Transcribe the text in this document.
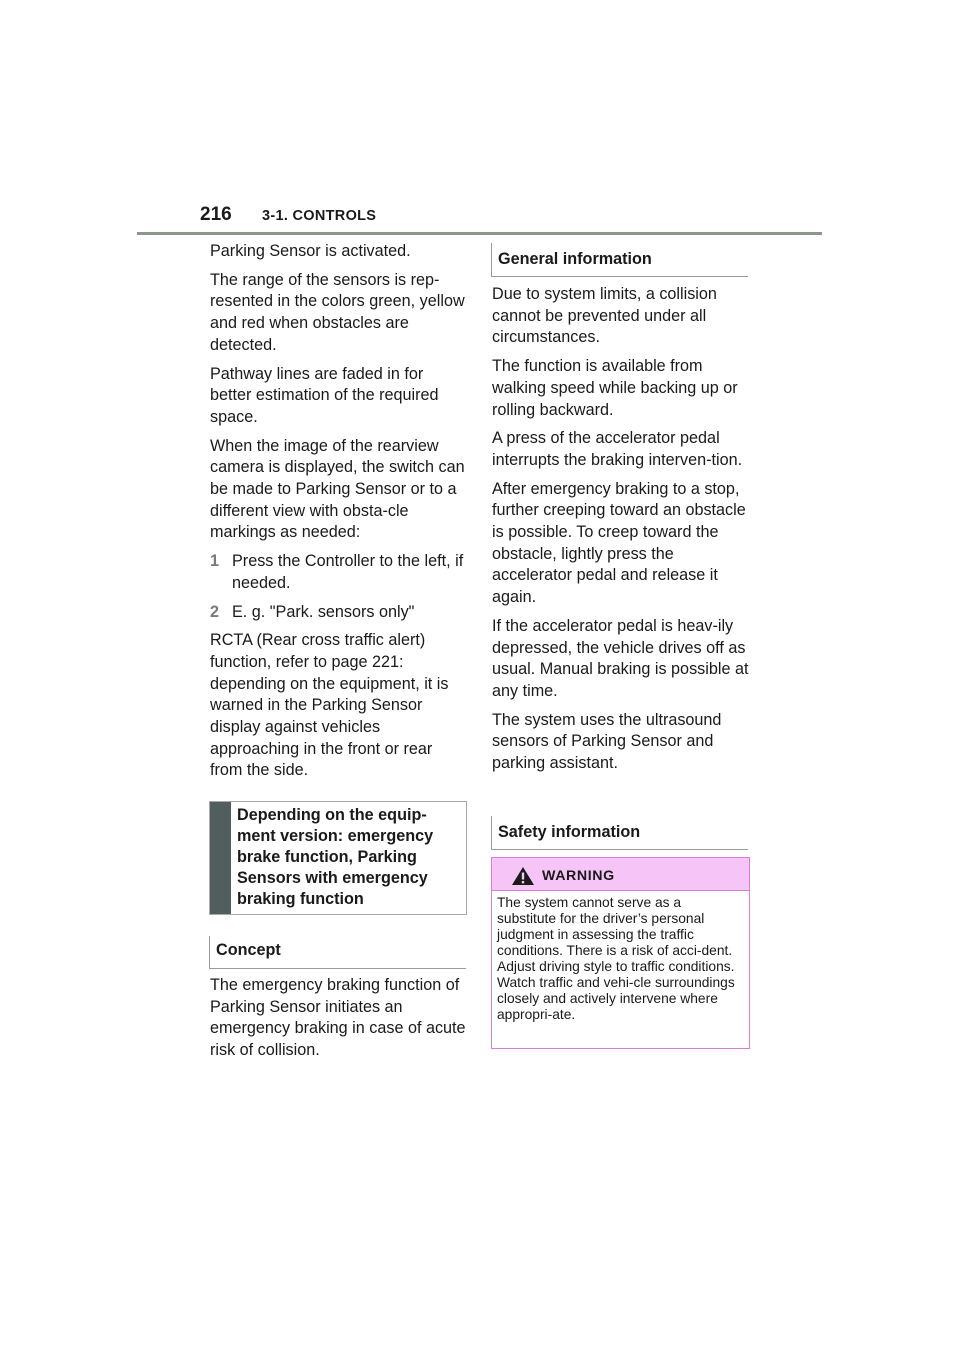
216 3-1. CONTROLS

Parking Sensor is activated.

The range of the sensors is rep-resented in the colors green, yellow and red when obstacles are detected.

Pathway lines are faded in for better estimation of the required space.

When the image of the rearview camera is displayed, the switch can be made to Parking Sensor or to a different view with obsta-cle markings as needed:

1 Press the Controller to the left, if needed.
2 E. g. "Park. sensors only"

RCTA (Rear cross traffic alert) function, refer to page 221: depending on the equipment, it is warned in the Parking Sensor display against vehicles approaching in the front or rear from the side.

Depending on the equip-ment version: emergency brake function, Parking Sensors with emergency braking function
Concept

The emergency braking function of Parking Sensor initiates an emergency braking in case of acute risk of collision.

General information

Due to system limits, a collision cannot be prevented under all circumstances.

The function is available from walking speed while backing up or rolling backward.

A press of the accelerator pedal interrupts the braking interven-tion.

After emergency braking to a stop, further creeping toward an obstacle is possible. To creep toward the obstacle, lightly press the accelerator pedal and release it again.

If the accelerator pedal is heav-ily depressed, the vehicle drives off as usual. Manual braking is possible at any time.

The system uses the ultrasound sensors of Parking Sensor and parking assistant.

Safety information
WARNING
The system cannot serve as a substitute for the driver’s personal judgment in assessing the traffic conditions. There is a risk of acci-dent. Adjust driving style to traffic conditions. Watch traffic and vehi-cle surroundings closely and actively intervene where appropri-ate.
